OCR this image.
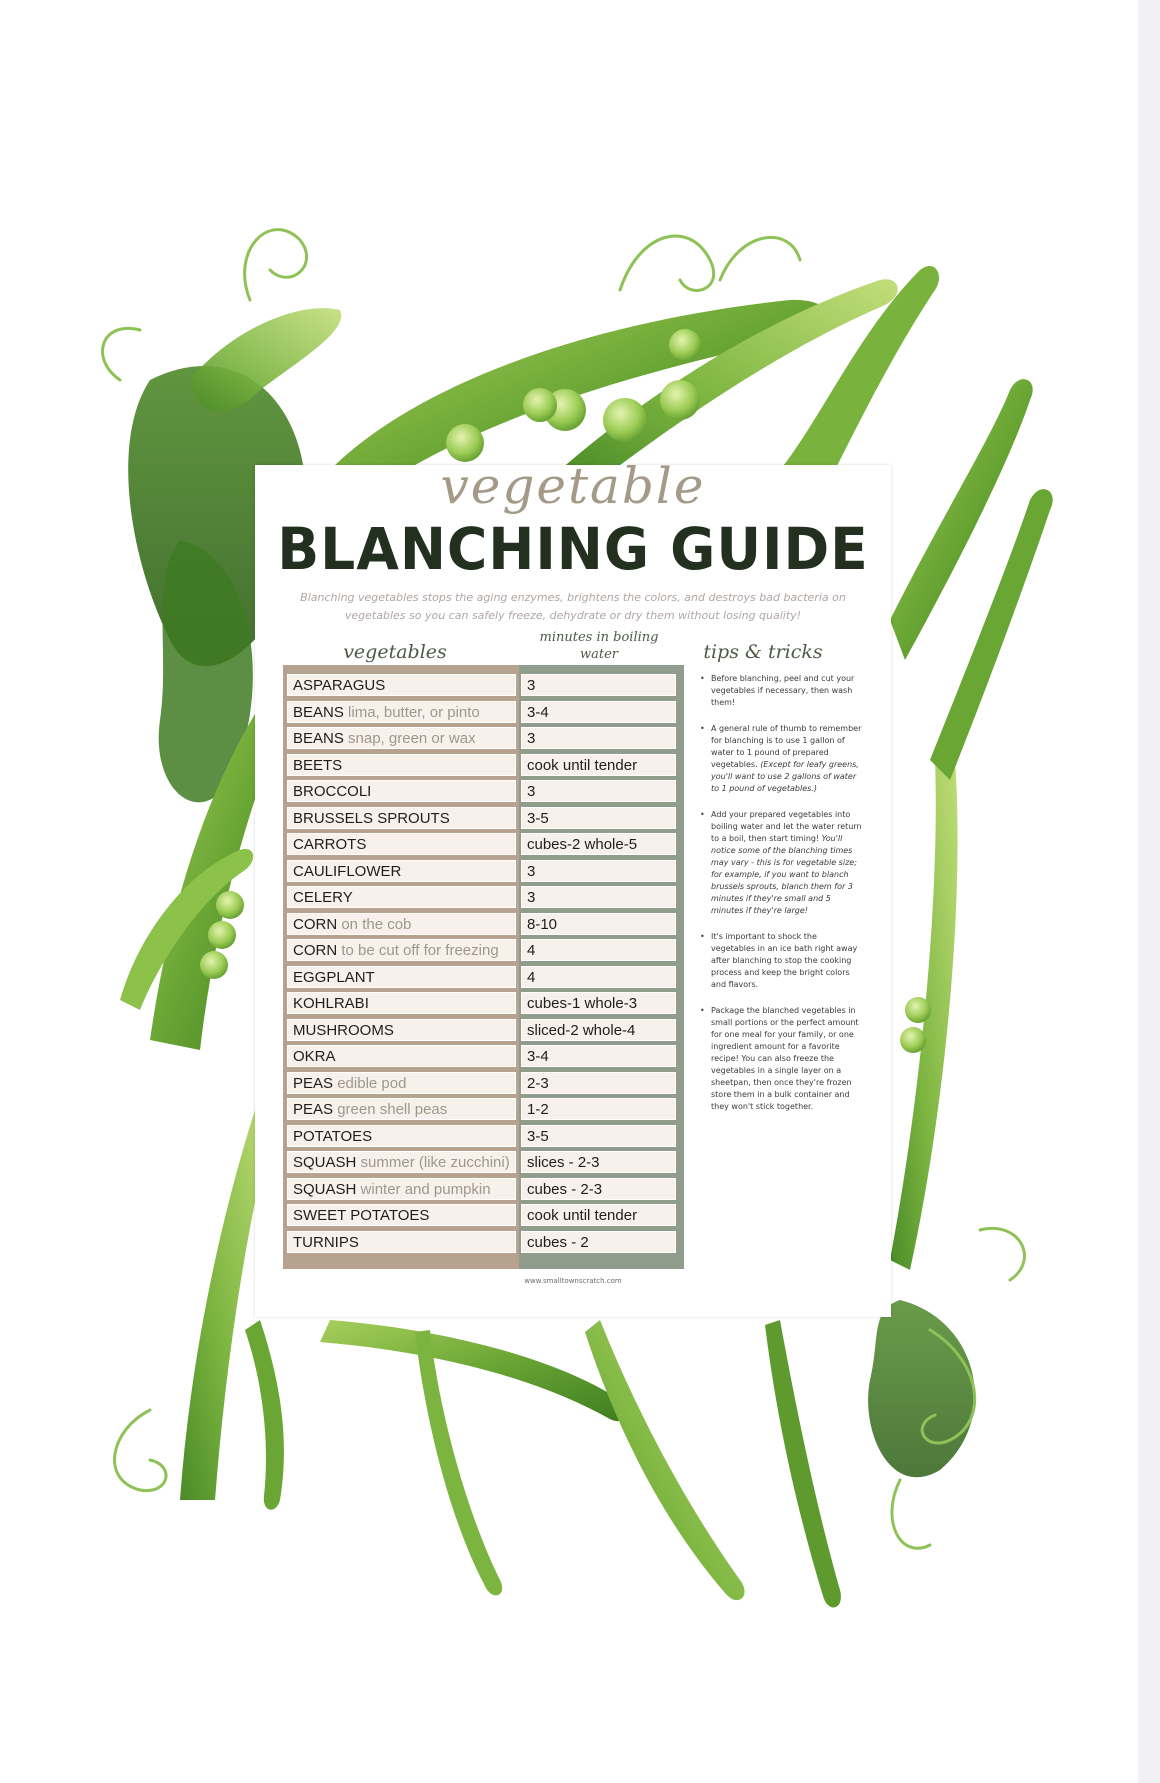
vegetable
BLANCHING GUIDE
Blanching vegetables stops the aging enzymes, brightens the colors, and destroys bad bacteria on vegetables so you can safely freeze, dehydrate or dry them without losing quality!
vegetables
minutes in boiling water	tips & tricks
ASPARAGUS	3
BEANS lima, butter, or pinto	3-4
BEANS snap, green or wax	3
BEETS	cook until tender
BROCCOLI	3
BRUSSELS SPROUTS	3-5
CARROTS	cubes-2 whole-5
CAULIFLOWER	3
CELERY	3
CORN on the cob	8-10
CORN to be cut off for freezing	4
EGGPLANT	4
KOHLRABI	cubes-1 whole-3
MUSHROOMS	sliced-2 whole-4
OKRA	3-4
PEAS edible pod	2-3
PEAS green shell peas	1-2
POTATOES	3-5
SQUASH summer (like zucchini)	slices - 2-3
SQUASH winter and pumpkin	cubes - 2-3
SWEET POTATOES	cook until tender
TURNIPS	cubes - 2
• Before blanching, peel and cut your vegetables if necessary, then wash them!
• A general rule of thumb to remember for blanching is to use 1 gallon of water to 1 pound of prepared vegetables. (Except for leafy greens, you'll want to use 2 gallons of water to 1 pound of vegetables.)
• Add your prepared vegetables into boiling water and let the water return to a boil, then start timing! You'll notice some of the blanching times may vary - this is for vegetable size; for example, if you want to blanch brussels sprouts, blanch them for 3 minutes if they're small and 5 minutes if they're large!
• It's important to shock the vegetables in an ice bath right away after blanching to stop the cooking process and keep the bright colors and flavors.
• Package the blanched vegetables in small portions or the perfect amount for one meal for your family, or one ingredient amount for a favorite recipe! You can also freeze the vegetables in a single layer on a sheetpan, then once they're frozen store them in a bulk container and they won't stick together.
www.smalltownscratch.com
